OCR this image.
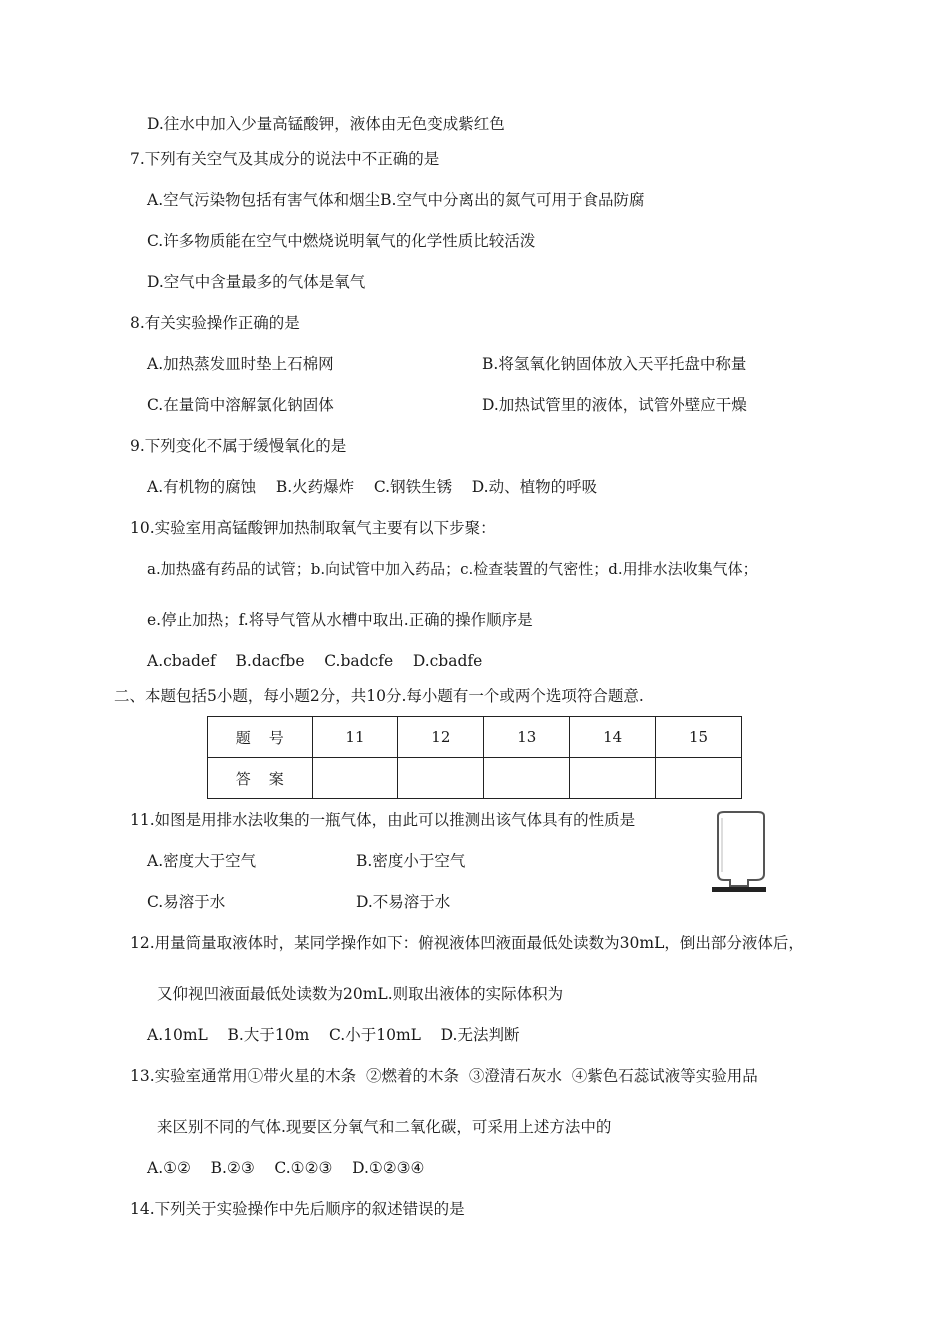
D.往水中加入少量高锰酸钾，液体由无色变成紫红色
7.下列有关空气及其成分的说法中不正确的是
A.空气污染物包括有害气体和烟尘B.空气中分离出的氮气可用于食品防腐
C.许多物质能在空气中燃烧说明氧气的化学性质比较活泼
D.空气中含量最多的气体是氧气
8.有关实验操作正确的是
A.加热蒸发皿时垫上石棉网	B.将氢氧化钠固体放入天平托盘中称量
C.在量筒中溶解氯化钠固体	D.加热试管里的液体，试管外壁应干燥
9.下列变化不属于缓慢氧化的是
A.有机物的腐蚀    B.火药爆炸    C.钢铁生锈    D.动、植物的呼吸
10.实验室用高锰酸钾加热制取氧气主要有以下步聚：
a.加热盛有药品的试管；b.向试管中加入药品；c.检查装置的气密性；d.用排水法收集气体；
e.停止加热；f.将导气管从水槽中取出.正确的操作顺序是
A.cbadef    B.dacfbe    C.badcfe    D.cbadfe
二、本题包括5小题，每小题2分，共10分.每小题有一个或两个选项符合题意.
题号	11	12	13	14	15
答案					
11.如图是用排水法收集的一瓶气体，由此可以推测出该气体具有的性质是
A.密度大于空气	B.密度小于空气
C.易溶于水	D.不易溶于水
12.用量筒量取液体时，某同学操作如下：俯视液体凹液面最低处读数为30mL，倒出部分液体后，
又仰视凹液面最低处读数为20mL.则取出液体的实际体积为
A.10mL    B.大于10m    C.小于10mL    D.无法判断
13.实验室通常用①带火星的木条  ②燃着的木条  ③澄清石灰水  ④紫色石蕊试液等实验用品
来区别不同的气体.现要区分氧气和二氧化碳，可采用上述方法中的
A.①②    B.②③    C.①②③    D.①②③④
14.下列关于实验操作中先后顺序的叙述错误的是
